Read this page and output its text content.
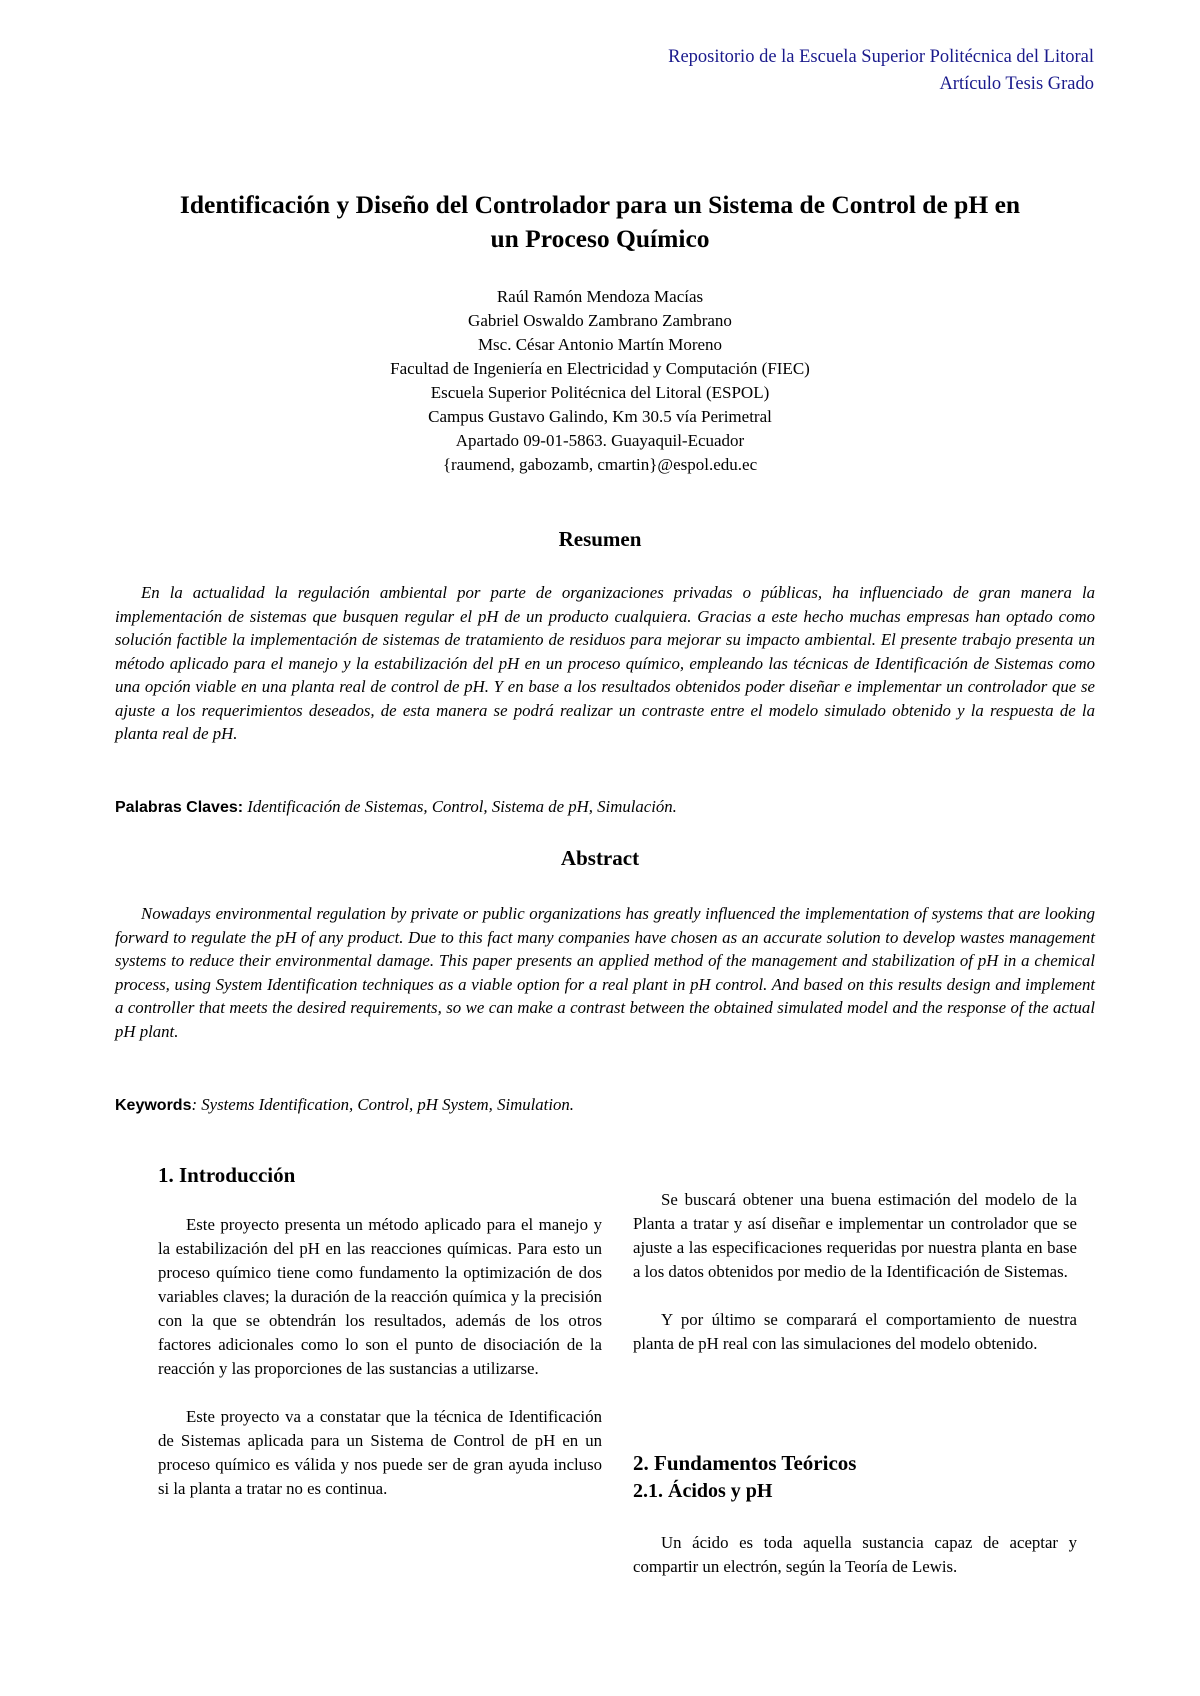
Repositorio de la Escuela Superior Politécnica del Litoral
Artículo Tesis Grado
Identificación y Diseño del Controlador para un Sistema de Control de pH en
un Proceso Químico
Raúl Ramón Mendoza Macías
Gabriel Oswaldo Zambrano Zambrano
Msc. César Antonio Martín Moreno
Facultad de Ingeniería en Electricidad y Computación (FIEC)
Escuela Superior Politécnica del Litoral (ESPOL)
Campus Gustavo Galindo, Km 30.5 vía Perimetral
Apartado 09-01-5863. Guayaquil-Ecuador
{raumend, gabozamb, cmartin}@espol.edu.ec
Resumen
En la actualidad la regulación ambiental por parte de organizaciones privadas o públicas, ha influenciado de gran manera la implementación de sistemas que busquen regular el pH de un producto cualquiera. Gracias a este hecho muchas empresas han optado como solución factible la implementación de sistemas de tratamiento de residuos para mejorar su impacto ambiental. El presente trabajo presenta un método aplicado para el manejo y la estabilización del pH en un proceso químico, empleando las técnicas de Identificación de Sistemas como una opción viable en una planta real de control de pH. Y en base a los resultados obtenidos poder diseñar e implementar un controlador que se ajuste a los requerimientos deseados, de esta manera se podrá realizar un contraste entre el modelo simulado obtenido y la respuesta de la planta real de pH.
Palabras Claves: Identificación de Sistemas, Control, Sistema de pH, Simulación.
Abstract
Nowadays environmental regulation by private or public organizations has greatly influenced the implementation of systems that are looking forward to regulate the pH of any product. Due to this fact many companies have chosen as an accurate solution to develop wastes management systems to reduce their environmental damage. This paper presents an applied method of the management and stabilization of pH in a chemical process, using System Identification techniques as a viable option for a real plant in pH control. And based on this results design and implement a controller that meets the desired requirements, so we can make a contrast between the obtained simulated model and the response of the actual pH plant.
Keywords: Systems Identification, Control, pH System, Simulation.
1. Introducción

Este proyecto presenta un método aplicado para el manejo y la estabilización del pH en las reacciones químicas. Para esto un proceso químico tiene como fundamento la optimización de dos variables claves; la duración de la reacción química y la precisión con la que se obtendrán los resultados, además de los otros factores adicionales como lo son el punto de disociación de la reacción y las proporciones de las sustancias a utilizarse.

Este proyecto va a constatar que la técnica de Identificación de Sistemas aplicada para un Sistema de Control de pH en un proceso químico es válida y nos puede ser de gran ayuda incluso si la planta a tratar no es continua.

Se buscará obtener una buena estimación del modelo de la Planta a tratar y así diseñar e implementar un controlador que se ajuste a las especificaciones requeridas por nuestra planta en base a los datos obtenidos por medio de la Identificación de Sistemas.

Y por último se comparará el comportamiento de nuestra planta de pH real con las simulaciones del modelo obtenido.

2. Fundamentos Teóricos
2.1. Ácidos y pH

Un ácido es toda aquella sustancia capaz de aceptar y compartir un electrón, según la Teoría de Lewis.
